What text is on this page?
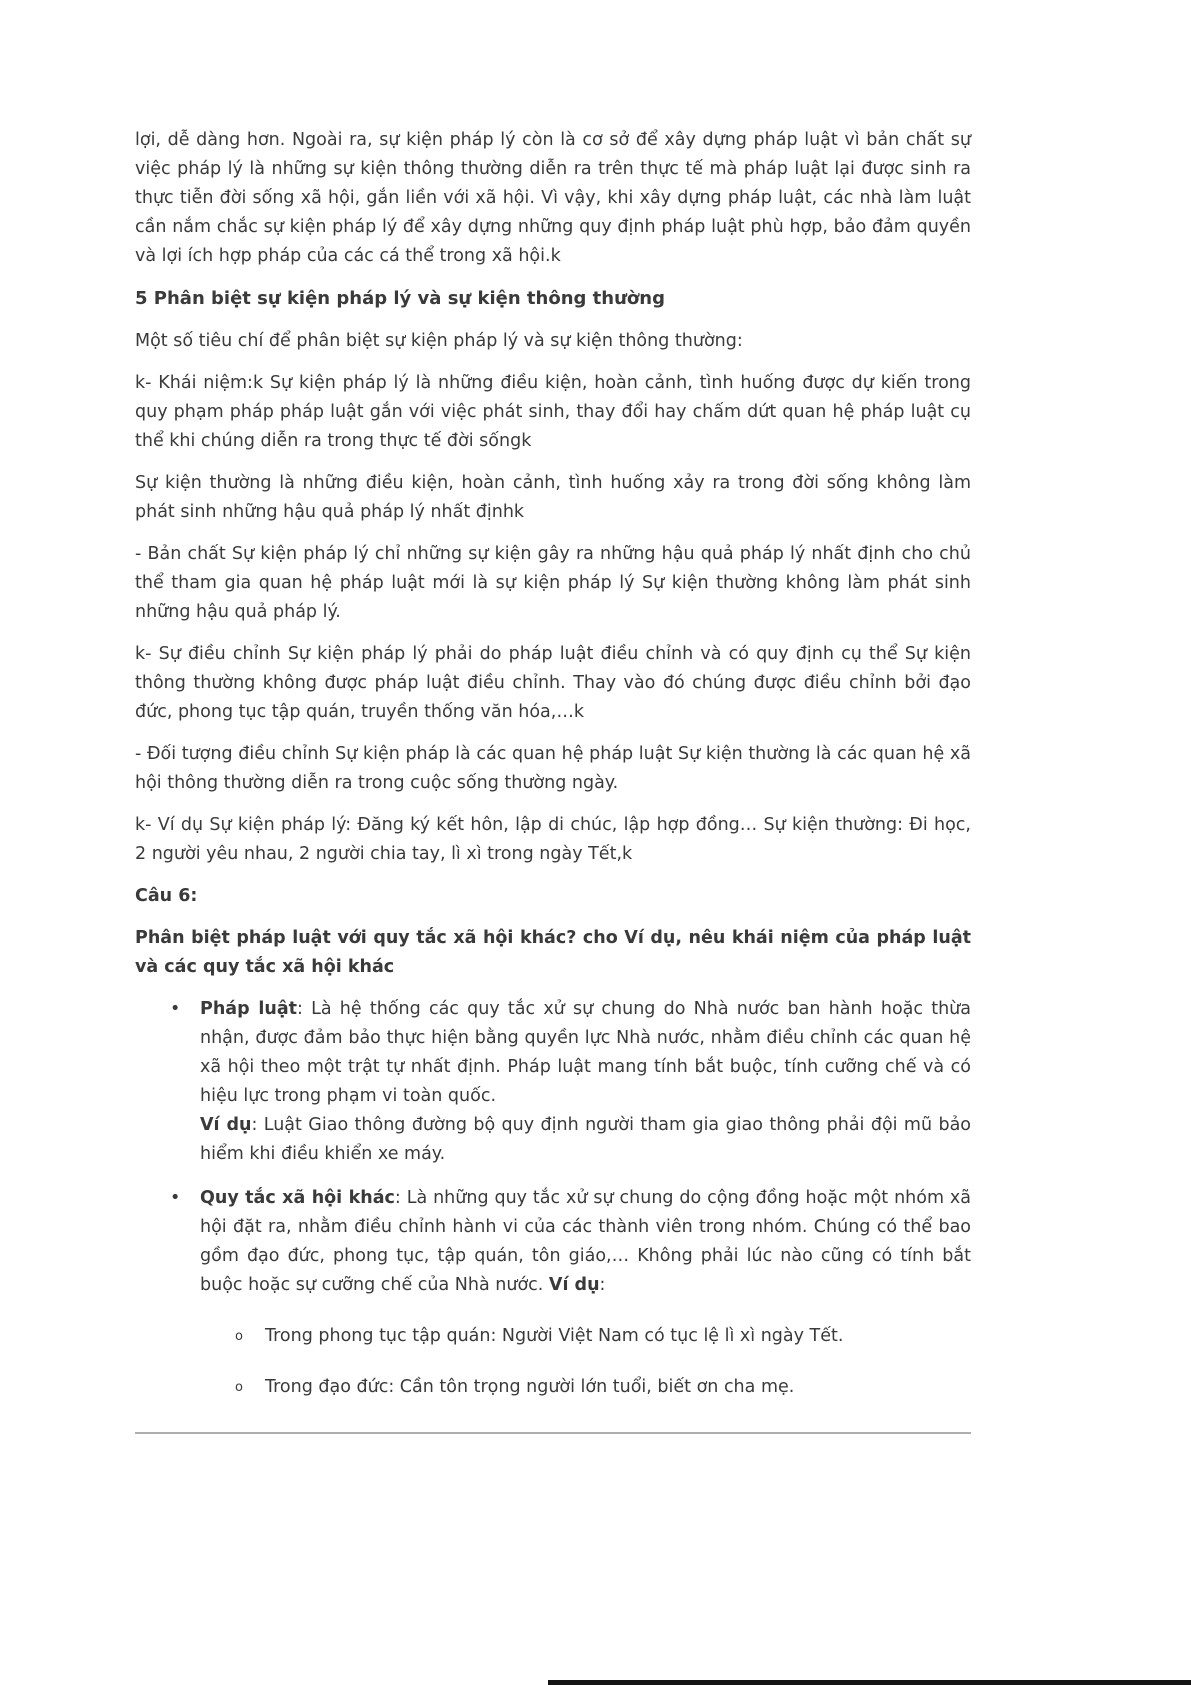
lợi, dễ dàng hơn. Ngoài ra, sự kiện pháp lý còn là cơ sở để xây dựng pháp luật vì bản chất sự việc pháp lý là những sự kiện thông thường diễn ra trên thực tế mà pháp luật lại được sinh ra thực tiễn đời sống xã hội, gắn liền với xã hội. Vì vậy, khi xây dựng pháp luật, các nhà làm luật cần nắm chắc sự kiện pháp lý để xây dựng những quy định pháp luật phù hợp, bảo đảm quyền và lợi ích hợp pháp của các cá thể trong xã hội.k

5 Phân biệt sự kiện pháp lý và sự kiện thông thường

Một số tiêu chí để phân biệt sự kiện pháp lý và sự kiện thông thường:

k- Khái niệm:k Sự kiện pháp lý là những điều kiện, hoàn cảnh, tình huống được dự kiến trong quy phạm pháp pháp luật gắn với việc phát sinh, thay đổi hay chấm dứt quan hệ pháp luật cụ thể khi chúng diễn ra trong thực tế đời sốngk

Sự kiện thường là những điều kiện, hoàn cảnh, tình huống xảy ra trong đời sống không làm phát sinh những hậu quả pháp lý nhất địnhk

- Bản chất Sự kiện pháp lý chỉ những sự kiện gây ra những hậu quả pháp lý nhất định cho chủ thể tham gia quan hệ pháp luật mới là sự kiện pháp lý Sự kiện thường không làm phát sinh những hậu quả pháp lý.

k- Sự điều chỉnh Sự kiện pháp lý phải do pháp luật điều chỉnh và có quy định cụ thể Sự kiện thông thường không được pháp luật điều chỉnh. Thay vào đó chúng được điều chỉnh bởi đạo đức, phong tục tập quán, truyền thống văn hóa,…k

- Đối tượng điều chỉnh Sự kiện pháp là các quan hệ pháp luật Sự kiện thường là các quan hệ xã hội thông thường diễn ra trong cuộc sống thường ngày.

k- Ví dụ Sự kiện pháp lý: Đăng ký kết hôn, lập di chúc, lập hợp đồng… Sự kiện thường: Đi học, 2 người yêu nhau, 2 người chia tay, lì xì trong ngày Tết,k

Câu 6:

Phân biệt pháp luật với quy tắc xã hội khác? cho Ví dụ, nêu khái niệm của pháp luật và các quy tắc xã hội khác

•	Pháp luật: Là hệ thống các quy tắc xử sự chung do Nhà nước ban hành hoặc thừa nhận, được đảm bảo thực hiện bằng quyền lực Nhà nước, nhằm điều chỉnh các quan hệ xã hội theo một trật tự nhất định. Pháp luật mang tính bắt buộc, tính cưỡng chế và có hiệu lực trong phạm vi toàn quốc.
Ví dụ: Luật Giao thông đường bộ quy định người tham gia giao thông phải đội mũ bảo hiểm khi điều khiển xe máy.
•	Quy tắc xã hội khác: Là những quy tắc xử sự chung do cộng đồng hoặc một nhóm xã hội đặt ra, nhằm điều chỉnh hành vi của các thành viên trong nhóm. Chúng có thể bao gồm đạo đức, phong tục, tập quán, tôn giáo,… Không phải lúc nào cũng có tính bắt buộc hoặc sự cưỡng chế của Nhà nước. Ví dụ:
o	Trong phong tục tập quán: Người Việt Nam có tục lệ lì xì ngày Tết.
o	Trong đạo đức: Cần tôn trọng người lớn tuổi, biết ơn cha mẹ.
